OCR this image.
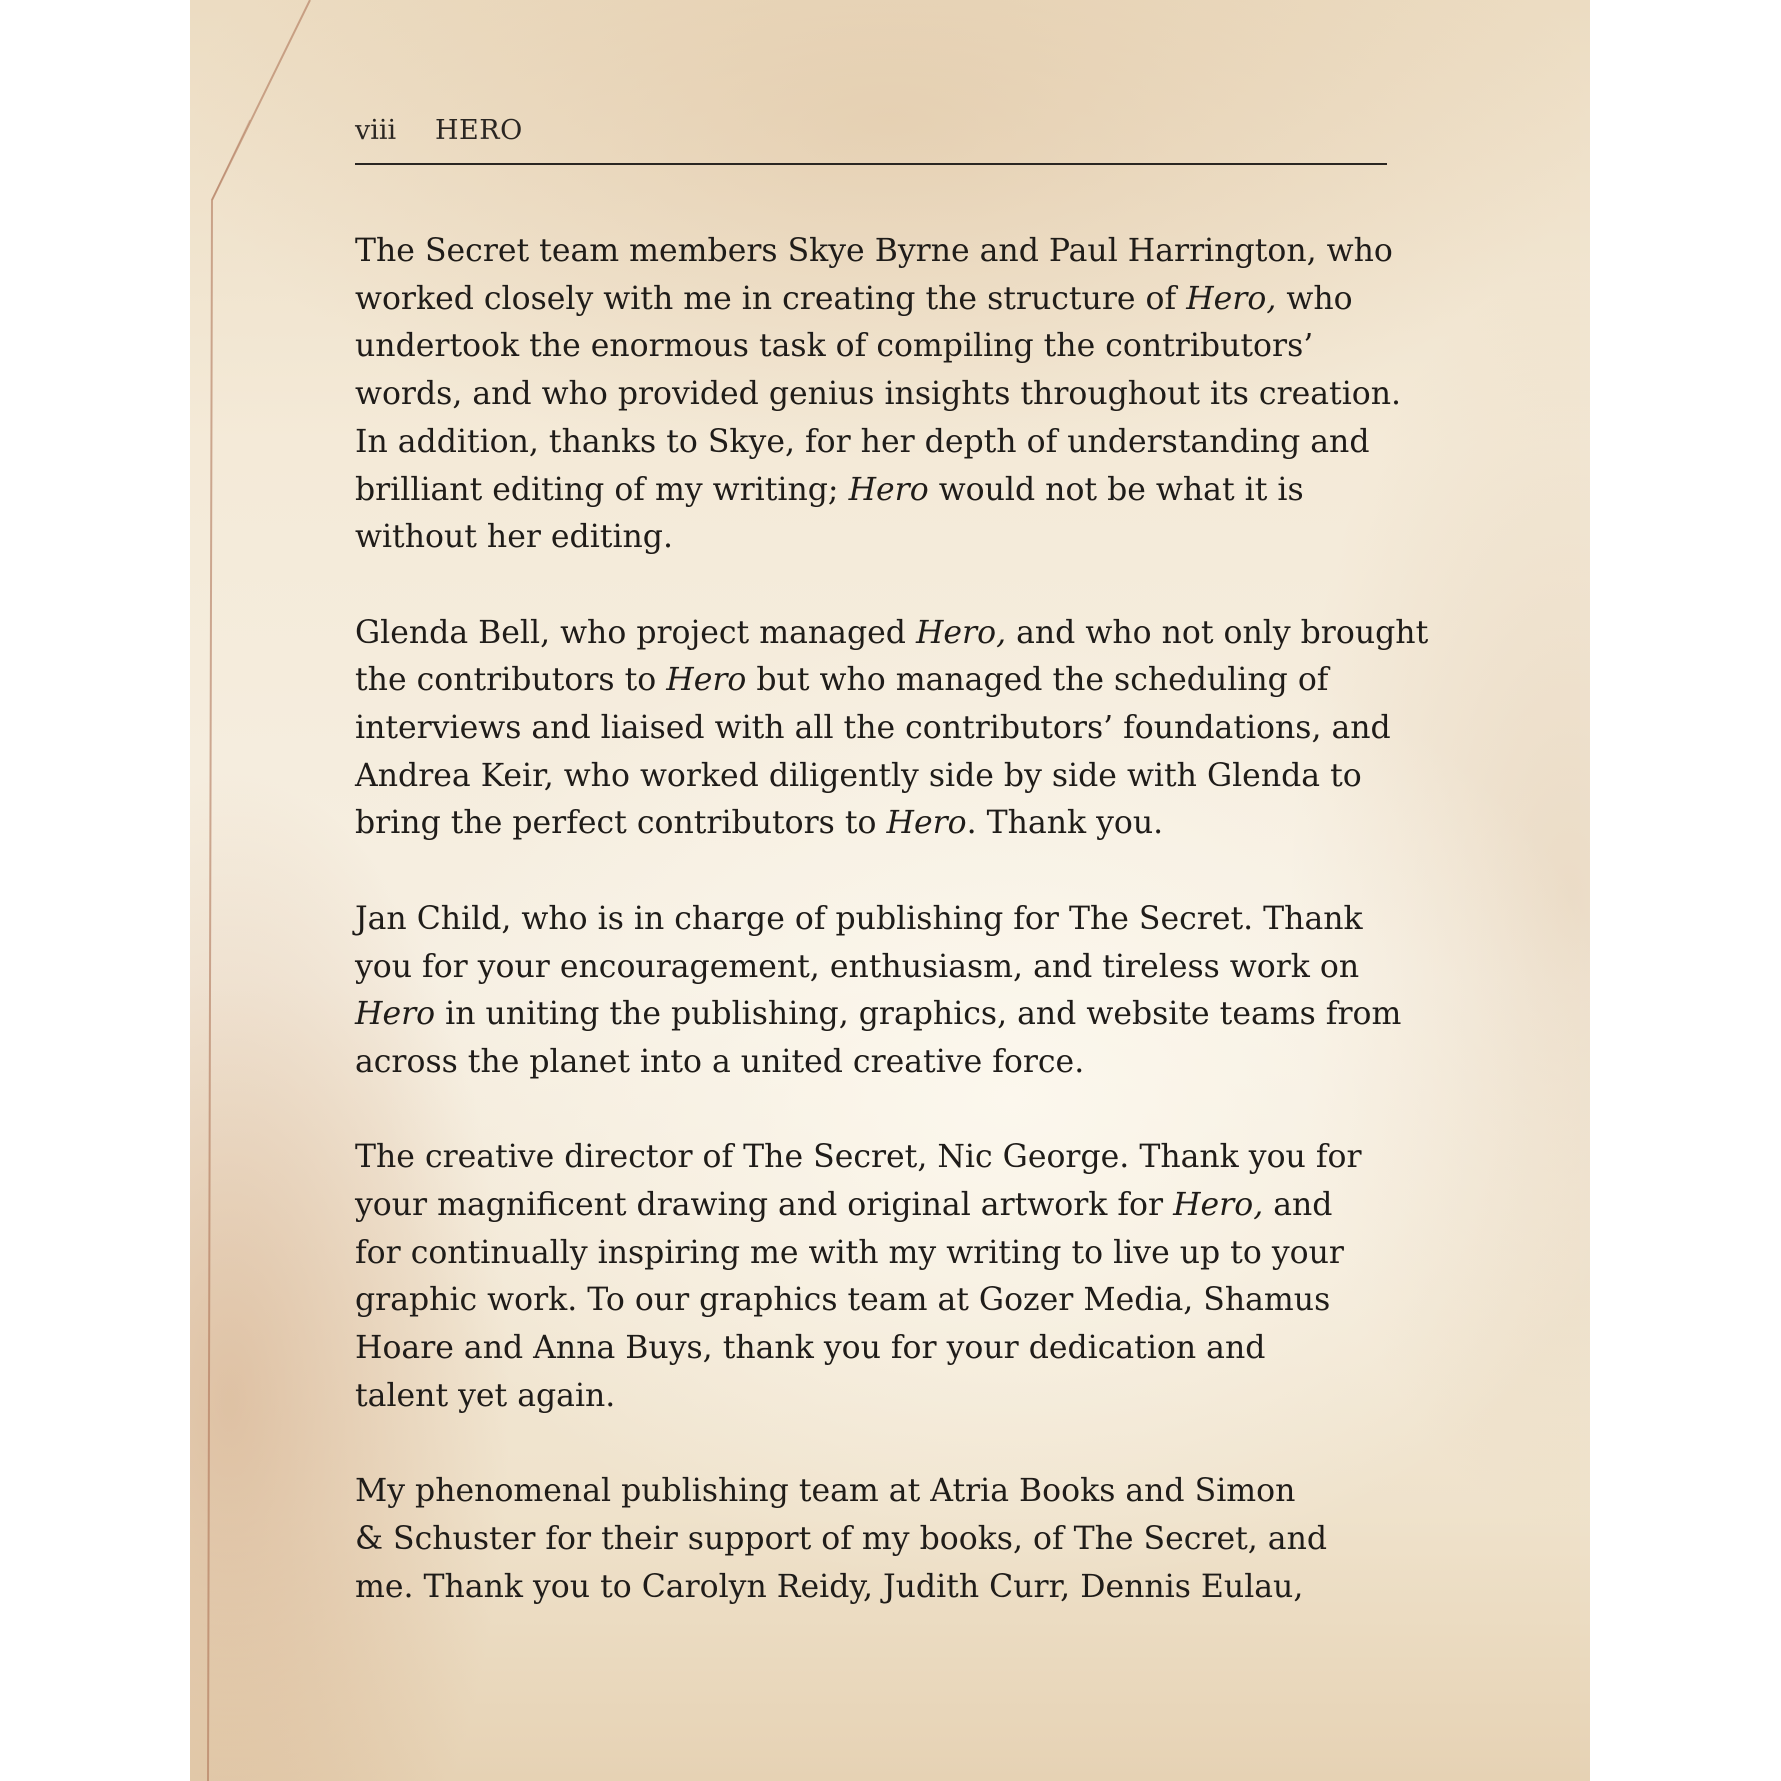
viii HERO

The Secret team members Skye Byrne and Paul Harrington, who
worked closely with me in creating the structure of Hero, who
undertook the enormous task of compiling the contributors’
words, and who provided genius insights throughout its creation.
In addition, thanks to Skye, for her depth of understanding and
brilliant editing of my writing; Hero would not be what it is
without her editing.

Glenda Bell, who project managed Hero, and who not only brought
the contributors to Hero but who managed the scheduling of
interviews and liaised with all the contributors’ foundations, and
Andrea Keir, who worked diligently side by side with Glenda to
bring the perfect contributors to Hero. Thank you.

Jan Child, who is in charge of publishing for The Secret. Thank
you for your encouragement, enthusiasm, and tireless work on
Hero in uniting the publishing, graphics, and website teams from
across the planet into a united creative force.

The creative director of The Secret, Nic George. Thank you for
your magnificent drawing and original artwork for Hero, and
for continually inspiring me with my writing to live up to your
graphic work. To our graphics team at Gozer Media, Shamus
Hoare and Anna Buys, thank you for your dedication and
talent yet again.

My phenomenal publishing team at Atria Books and Simon
& Schuster for their support of my books, of The Secret, and
me. Thank you to Carolyn Reidy, Judith Curr, Dennis Eulau,
